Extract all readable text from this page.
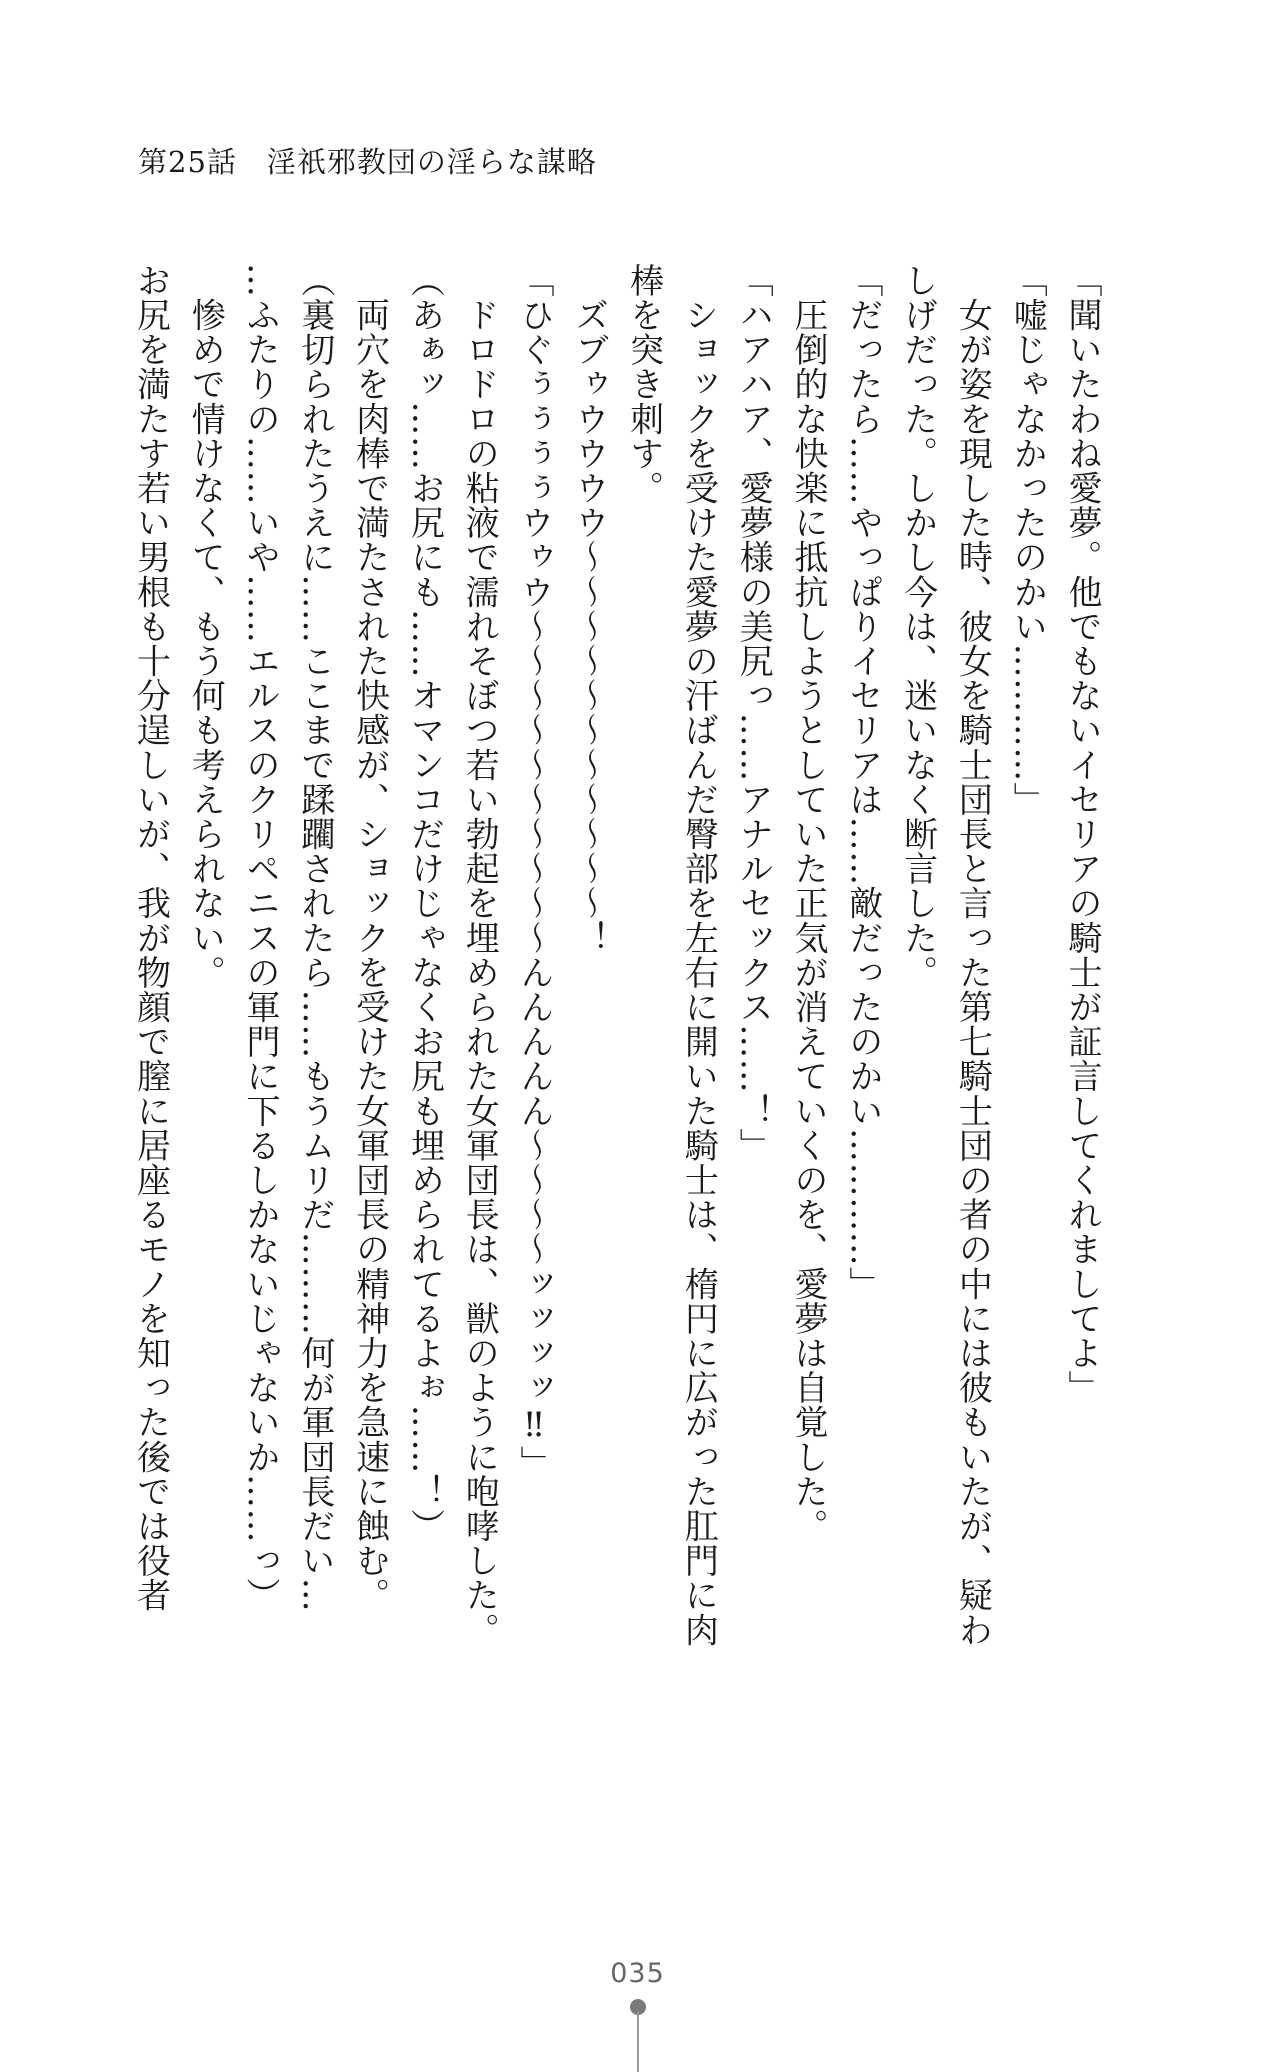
第25話　淫祇邪教団の淫らな謀略
「聞いたわね愛夢。他でもないイセリアの騎士が証言してくれましてよ」
「嘘じゃなかったのかい…………」
　女が姿を現した時、彼女を騎士団長と言った第七騎士団の者の中には彼もいたが、疑わ
しげだった。しかし今は、迷いなく断言した。
「だったら……やっぱりイセリアは……敵だったのかい…………」
　圧倒的な快楽に抵抗しようとしていた正気が消えていくのを、愛夢は自覚した。
「ハアハア、愛夢様の美尻っ……アナルセックス……！」
　ショックを受けた愛夢の汗ばんだ臀部を左右に開いた騎士は、楕円に広がった肛門に肉
棒を突き刺す。
　ズブゥウウウウ〜〜〜〜〜〜〜〜〜〜〜！
「ひぐぅぅぅぅウゥウ〜〜〜〜〜〜〜〜〜〜んんんんん〜〜〜〜ッッッッ‼」
　ドロドロの粘液で濡れそぼつ若い勃起を埋められた女軍団長は、獣のように咆哮した。
（あぁッ……お尻にも……オマンコだけじゃなくお尻も埋められてるよぉ……！）
　両穴を肉棒で満たされた快感が、ショックを受けた女軍団長の精神力を急速に蝕む。
（裏切られたうえに……ここまで蹂躙されたら……もうムリだ………何が軍団長だい…
…ふたりの……いや……エルスのクリペニスの軍門に下るしかないじゃないか……っ）
　惨めで情けなくて、もう何も考えられない。
お尻を満たす若い男根も十分逞しいが、我が物顔で膣に居座るモノを知った後では役者
035
